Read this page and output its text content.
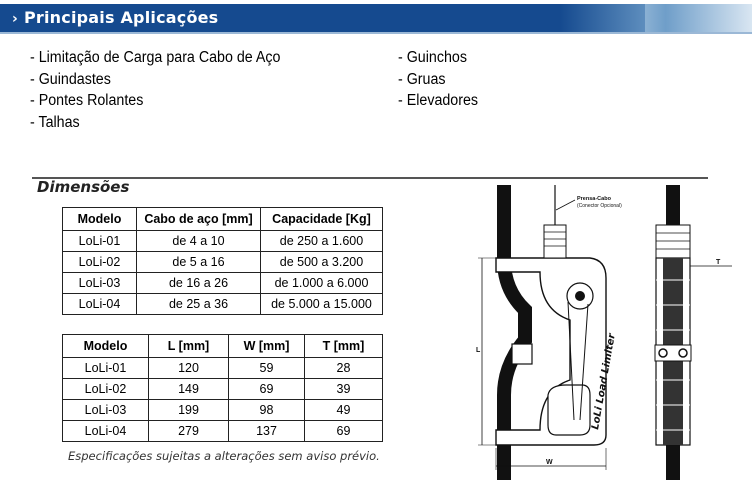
› Principais Aplicações
- Limitação de Carga para Cabo de Aço
- Guindastes
- Pontes Rolantes
- Talhas
- Guinchos
- Gruas
- Elevadores
Dimensões
Modelo	Cabo de aço [mm]	Capacidade [Kg]
LoLi-01	de 4 a 10	de 250 a 1.600
LoLi-02	de 5 a 16	de 500 a 3.200
LoLi-03	de 16 a 26	de 1.000 a 6.000
LoLi-04	de 25 a 36	de 5.000 a 15.000
Modelo	L [mm]	W [mm]	T [mm]
LoLi-01	120	59	28
LoLi-02	149	69	39
LoLi-03	199	98	49
LoLi-04	279	137	69
Especificações sujeitas a alterações sem aviso prévio.
LoLi Load Limiter
Prensa-Cabo
(Conector Opcional)
L
W
T
